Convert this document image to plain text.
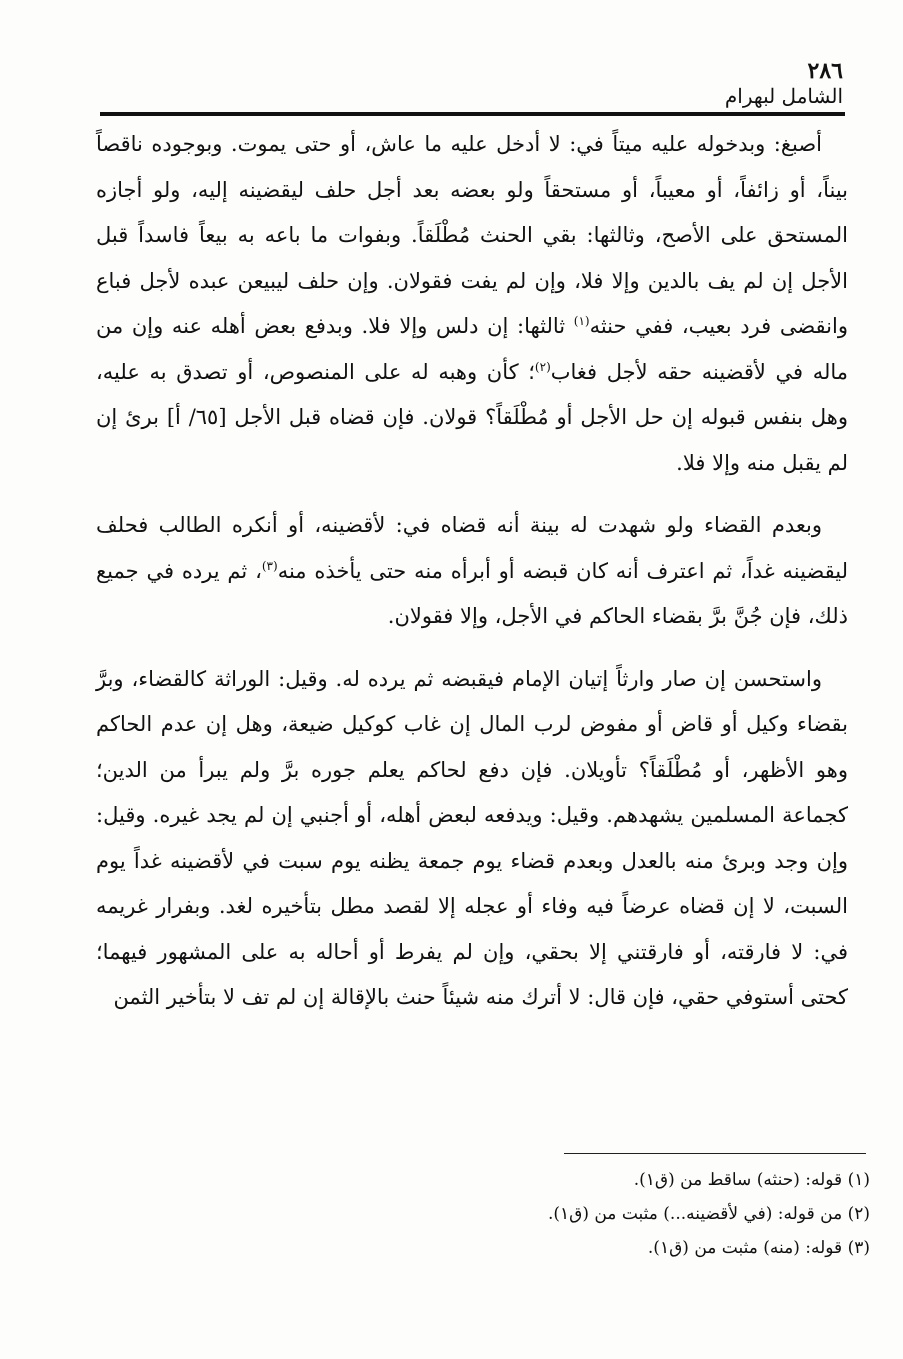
٢٨٦
الشامل لبهرام

أصبغ: وبدخوله عليه ميتاً في: لا أدخل عليه ما عاش، أو حتى يموت. وبوجوده ناقصاً بيناً، أو زائفاً، أو معيباً، أو مستحقاً ولو بعضه بعد أجل حلف ليقضينه إليه، ولو أجازه المستحق على الأصح، وثالثها: بقي الحنث مُطْلَقاً. وبفوات ما باعه به بيعاً فاسداً قبل الأجل إن لم يف بالدين وإلا فلا، وإن لم يفت فقولان. وإن حلف ليبيعن عبده لأجل فباع وانقضى فرد بعيب، ففي حنثه$^{(١)}$ ثالثها: إن دلس وإلا فلا. وبدفع بعض أهله عنه وإن من ماله في لأقضينه حقه لأجل فغاب$^{(٢)}$؛ كأن وهبه له على المنصوص، أو تصدق به عليه، وهل بنفس قبوله إن حل الأجل أو مُطْلَقاً؟ قولان. فإن قضاه قبل الأجل [٦٥/ أ] برئ إن لم يقبل منه وإلا فلا.

وبعدم القضاء ولو شهدت له بينة أنه قضاه في: لأقضينه، أو أنكره الطالب فحلف ليقضينه غداً، ثم اعترف أنه كان قبضه أو أبرأه منه حتى يأخذه منه$^{(٣)}$، ثم يرده في جميع ذلك، فإن جُنَّ برَّ بقضاء الحاكم في الأجل، وإلا فقولان.

واستحسن إن صار وارثاً إتيان الإمام فيقبضه ثم يرده له. وقيل: الوراثة كالقضاء، وبرَّ بقضاء وكيل أو قاض أو مفوض لرب المال إن غاب كوكيل ضيعة، وهل إن عدم الحاكم وهو الأظهر، أو مُطْلَقاً؟ تأويلان. فإن دفع لحاكم يعلم جوره برَّ ولم يبرأ من الدين؛ كجماعة المسلمين يشهدهم. وقيل: ويدفعه لبعض أهله، أو أجنبي إن لم يجد غيره. وقيل: وإن وجد وبرئ منه بالعدل وبعدم قضاء يوم جمعة يظنه يوم سبت في لأقضينه غداً يوم السبت، لا إن قضاه عرضاً فيه وفاء أو عجله إلا لقصد مطل بتأخيره لغد. وبفرار غريمه في: لا فارقته، أو فارقتني إلا بحقي، وإن لم يفرط أو أحاله به على المشهور فيهما؛ كحتى أستوفي حقي، فإن قال: لا أترك منه شيئاً حنث بالإقالة إن لم تف لا بتأخير الثمن

(١) قوله: (حنثه) ساقط من (ق١).

(٢) من قوله: (في لأقضينه...) مثبت من (ق١).

(٣) قوله: (منه) مثبت من (ق١).
